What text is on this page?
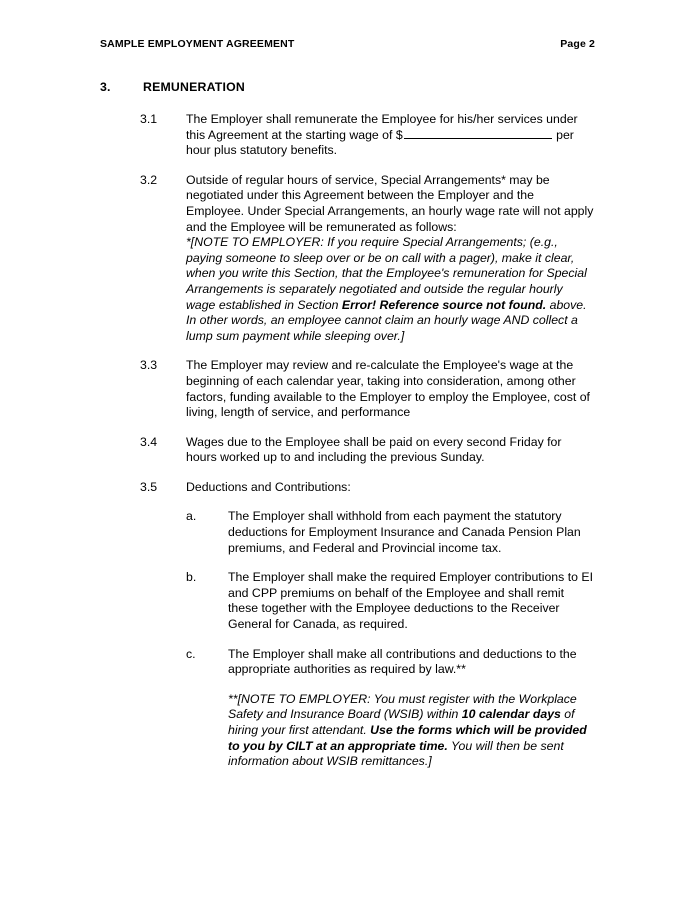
SAMPLE EMPLOYMENT AGREEMENT	Page 2
3.	REMUNERATION
3.1	The Employer shall remunerate the Employee for his/her services under this Agreement at the starting wage of $	per hour plus statutory benefits.
3.2	Outside of regular hours of service, Special Arrangements* may be negotiated under this Agreement between the Employer and the Employee. Under Special Arrangements, an hourly wage rate will not apply and the Employee will be remunerated as follows:
*[NOTE TO EMPLOYER: If you require Special Arrangements; (e.g., paying someone to sleep over or be on call with a pager), make it clear, when you write this Section, that the Employee's remuneration for Special Arrangements is separately negotiated and outside the regular hourly wage established in Section Error! Reference source not found. above. In other words, an employee cannot claim an hourly wage AND collect a lump sum payment while sleeping over.]
3.3	The Employer may review and re-calculate the Employee's wage at the beginning of each calendar year, taking into consideration, among other factors, funding available to the Employer to employ the Employee, cost of living, length of service, and performance
3.4	Wages due to the Employee shall be paid on every second Friday for hours worked up to and including the previous Sunday.
3.5	Deductions and Contributions:
a.	The Employer shall withhold from each payment the statutory deductions for Employment Insurance and Canada Pension Plan premiums, and Federal and Provincial income tax.
b.	The Employer shall make the required Employer contributions to EI and CPP premiums on behalf of the Employee and shall remit these together with the Employee deductions to the Receiver General for Canada, as required.
c.	The Employer shall make all contributions and deductions to the appropriate authorities as required by law.**
**[NOTE TO EMPLOYER: You must register with the Workplace Safety and Insurance Board (WSIB) within 10 calendar days of hiring your first attendant. Use the forms which will be provided to you by CILT at an appropriate time. You will then be sent information about WSIB remittances.]
